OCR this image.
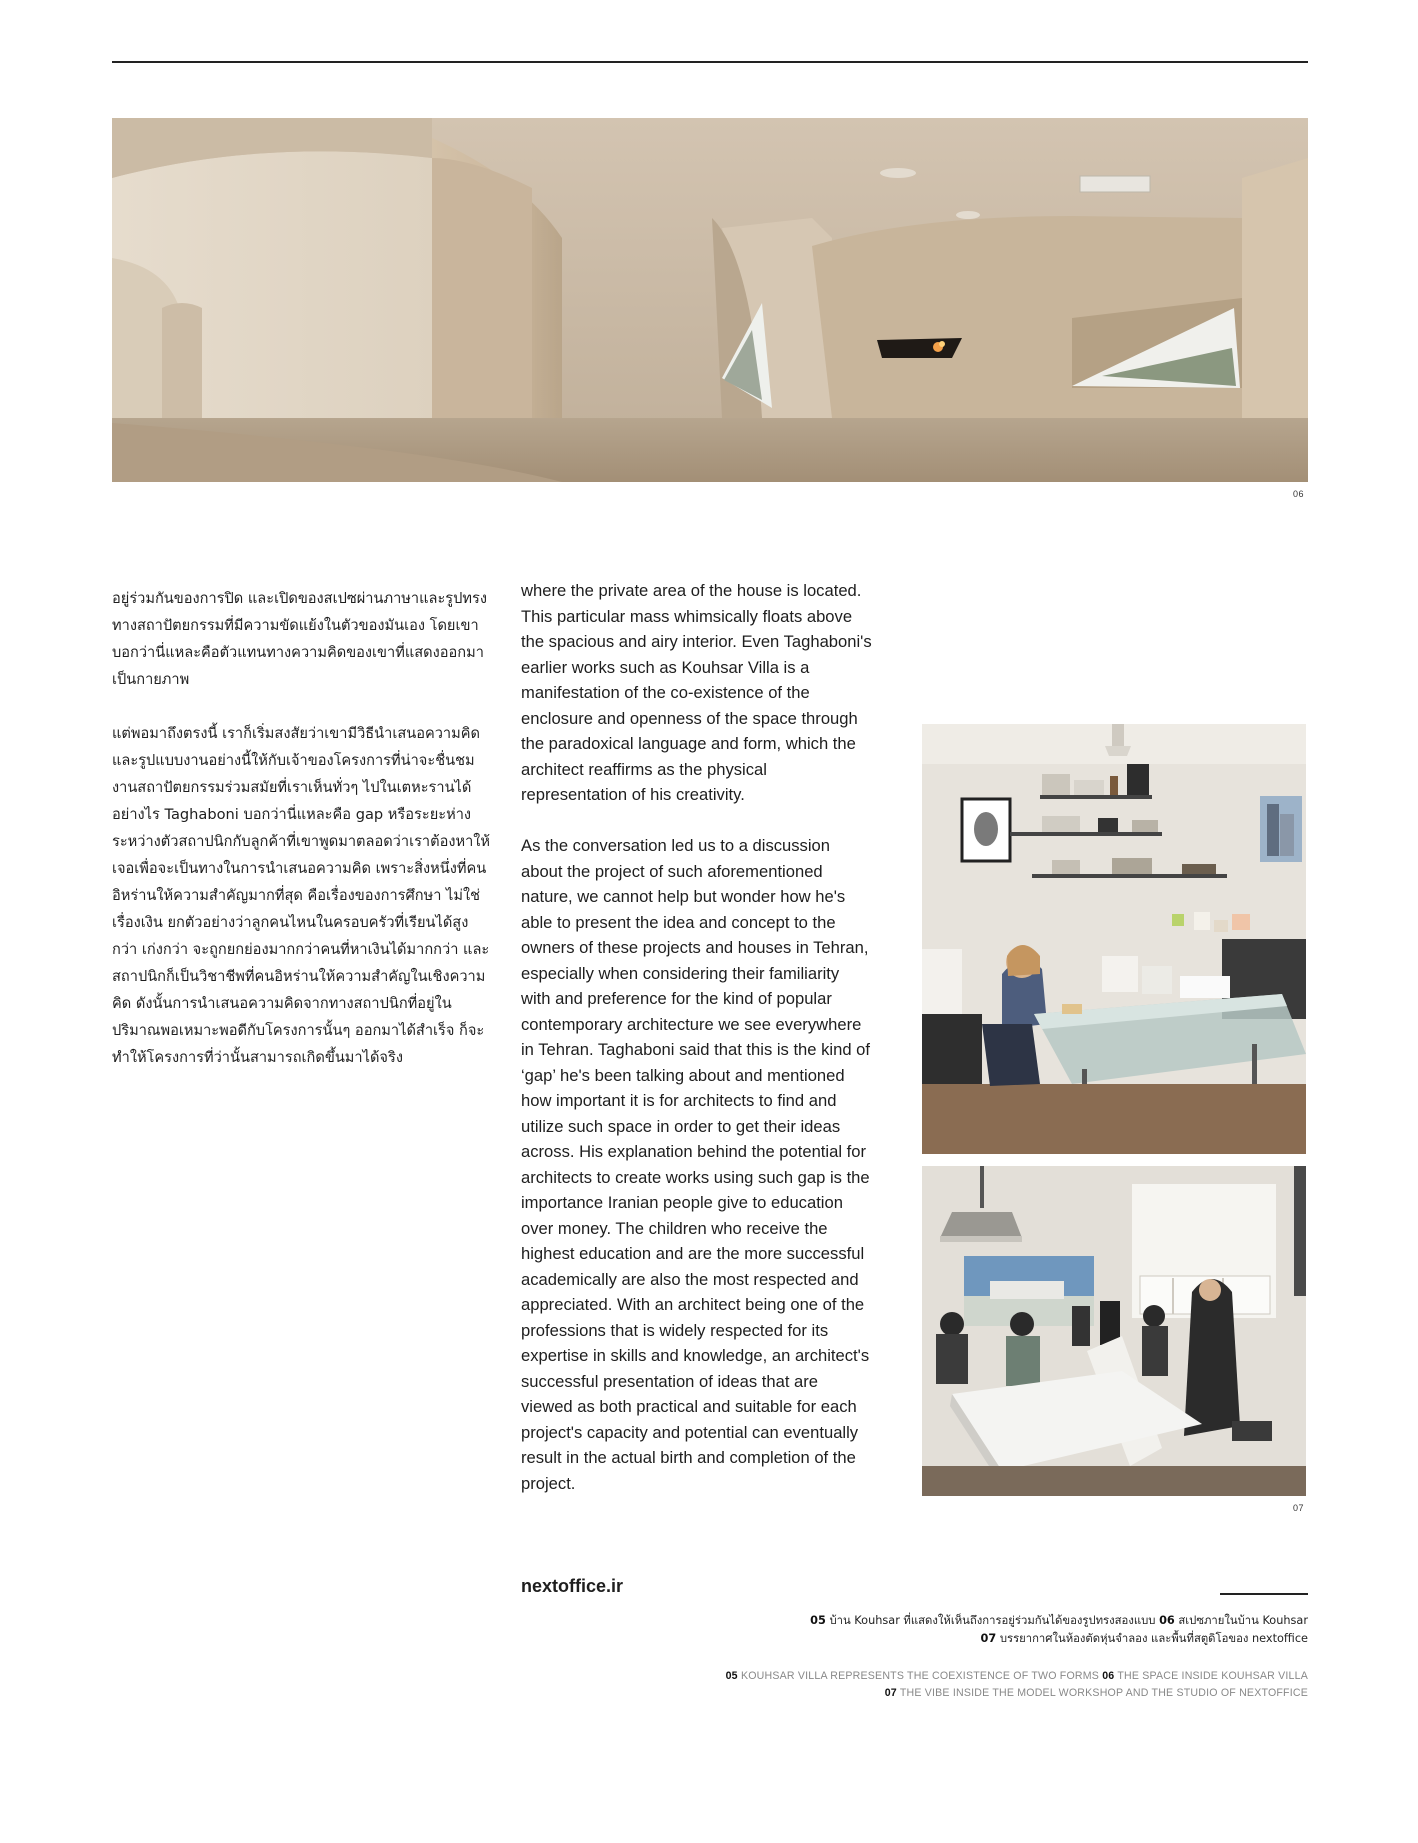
06

อยู่ร่วมกันของการปิด และเปิดของสเปซผ่านภาษาและรูปทรงทางสถาปัตยกรรมที่มีความขัดแย้งในตัวของมันเอง โดยเขาบอกว่านี่แหละคือตัวแทนทางความคิดของเขาที่แสดงออกมาเป็นกายภาพ

แต่พอมาถึงตรงนี้ เราก็เริ่มสงสัยว่าเขามีวิธีนำเสนอความคิดและรูปแบบงานอย่างนี้ให้กับเจ้าของโครงการที่น่าจะชื่นชมงานสถาปัตยกรรมร่วมสมัยที่เราเห็นทั่วๆ ไปในเตหะรานได้อย่างไร Taghaboni บอกว่านี่แหละคือ gap หรือระยะห่างระหว่างตัวสถาปนิกกับลูกค้าที่เขาพูดมาตลอดว่าเราต้องหาให้เจอเพื่อจะเป็นทางในการนำเสนอความคิด เพราะสิ่งหนึ่งที่คนอิหร่านให้ความสำคัญมากที่สุด คือเรื่องของการศึกษา ไม่ใช่เรื่องเงิน ยกตัวอย่างว่าลูกคนไหนในครอบครัวที่เรียนได้สูงกว่า เก่งกว่า จะถูกยกย่องมากกว่าคนที่หาเงินได้มากกว่า และสถาปนิกก็เป็นวิชาชีพที่คนอิหร่านให้ความสำคัญในเชิงความคิด ดังนั้นการนำเสนอความคิดจากทางสถาปนิกที่อยู่ในปริมาณพอเหมาะพอดีกับโครงการนั้นๆ ออกมาได้สำเร็จ ก็จะทำให้โครงการที่ว่านั้นสามารถเกิดขึ้นมาได้จริง

where the private area of the house is located. This particular mass whimsically floats above the spacious and airy interior. Even Taghaboni's earlier works such as Kouhsar Villa is a manifestation of the co-existence of the enclosure and openness of the space through the paradoxical language and form, which the architect reaffirms as the physical representation of his creativity.

As the conversation led us to a discussion about the project of such aforementioned nature, we cannot help but wonder how he's able to present the idea and concept to the owners of these projects and houses in Tehran, especially when considering their familiarity with and preference for the kind of popular contemporary architecture we see everywhere in Tehran. Taghaboni said that this is the kind of ‘gap’ he's been talking about and mentioned how important it is for architects to find and utilize such space in order to get their ideas across. His explanation behind the potential for architects to create works using such gap is the importance Iranian people give to education over money. The children who receive the highest education and are the more successful academically are also the most respected and appreciated. With an architect being one of the professions that is widely respected for its expertise in skills and knowledge, an architect's successful presentation of ideas that are viewed as both practical and suitable for each project's capacity and potential can eventually result in the actual birth and completion of the project.

07
nextoffice.ir
05 บ้าน Kouhsar ที่แสดงให้เห็นถึงการอยู่ร่วมกันได้ของรูปทรงสองแบบ 06 สเปซภายในบ้าน Kouhsar
07 บรรยากาศในห้องตัดหุ่นจำลอง และพื้นที่สตูดิโอของ nextoffice
05 KOUHSAR VILLA REPRESENTS THE COEXISTENCE OF TWO FORMS 06 THE SPACE INSIDE KOUHSAR VILLA
07 THE VIBE INSIDE THE MODEL WORKSHOP AND THE STUDIO OF NEXTOFFICE
